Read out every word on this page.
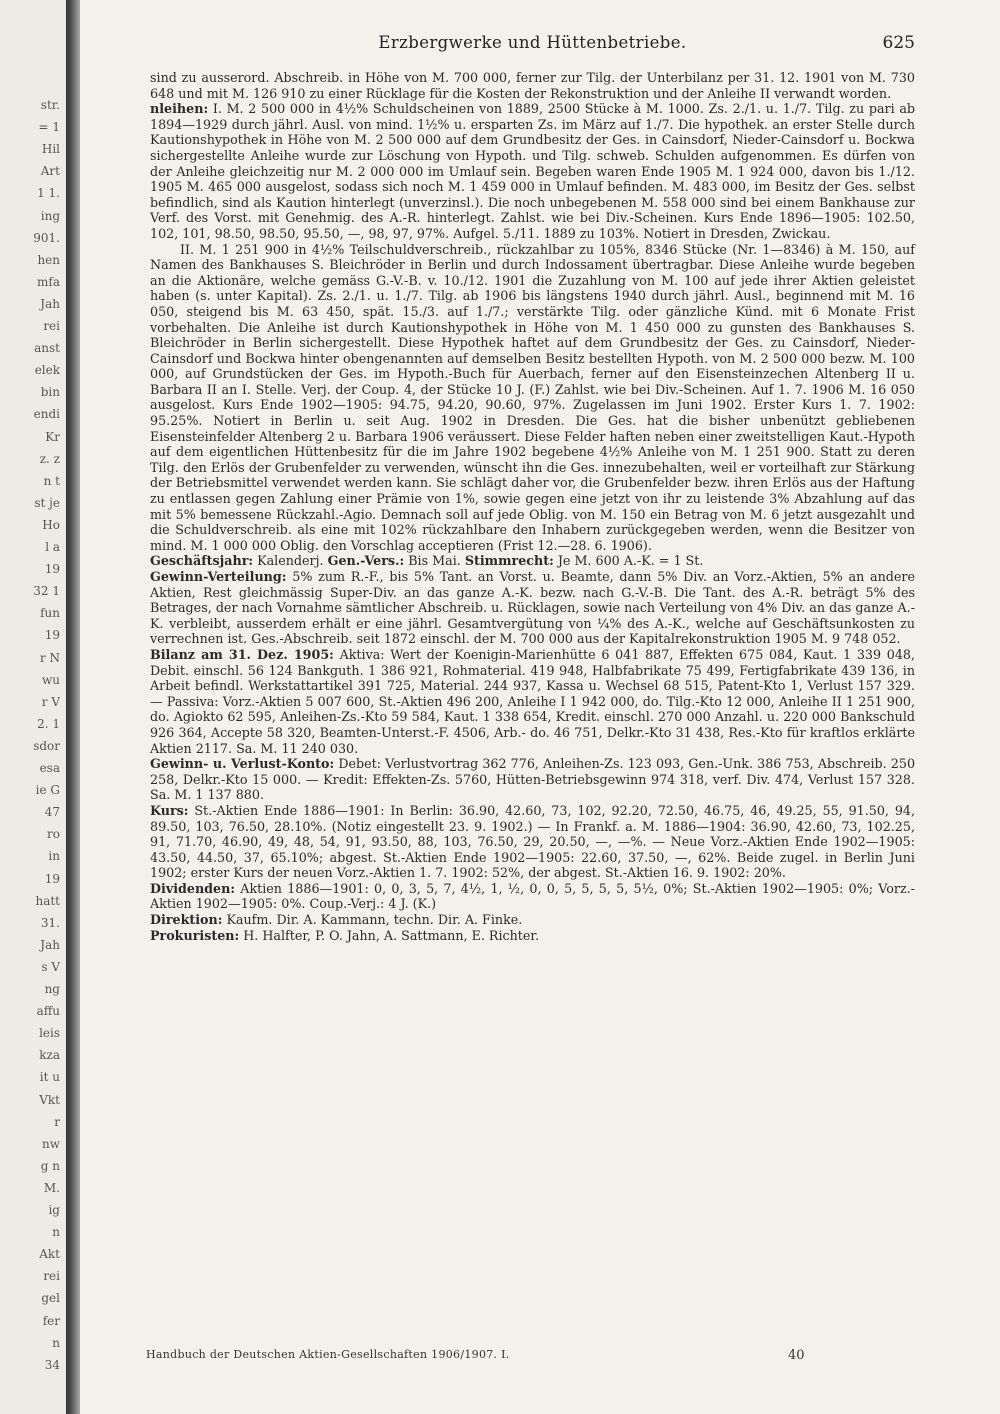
str.
= 1
Hil
Art
1 1.
ing
901.
hen
mfa
Jah
rei
anst
elek
bin
endi
Kr
z. z
n t
st je
Ho
l a
19
32 1
fun
19
r N
wu
r V
2. 1
sdor
esa
ie G
47
ro
in
19
hatt
31.
Jah
s V
ng
affu
leis
kza
it u
Vkt
r
nw
g n
M.
ig
n
Akt
rei
gel
fer
n
34
Erzbergwerke und Hüttenbetriebe.	625

sind zu ausserord. Abschreib. in Höhe von M. 700 000, ferner zur Tilg. der Unterbilanz per 31. 12. 1901 von M. 730 648 und mit M. 126 910 zu einer Rücklage für die Kosten der Rekonstruktion und der Anleihe II verwandt worden.

nleihen: I. M. 2 500 000 in 4½% Schuldscheinen von 1889, 2500 Stücke à M. 1000. Zs. 2./1. u. 1./7. Tilg. zu pari ab 1894—1929 durch jährl. Ausl. von mind. 1½% u. ersparten Zs. im März auf 1./7. Die hypothek. an erster Stelle durch Kautionshypothek in Höhe von M. 2 500 000 auf dem Grundbesitz der Ges. in Cainsdorf, Nieder-Cainsdorf u. Bockwa sichergestellte Anleihe wurde zur Löschung von Hypoth. und Tilg. schweb. Schulden aufgenommen. Es dürfen von der Anleihe gleichzeitig nur M. 2 000 000 im Umlauf sein. Begeben waren Ende 1905 M. 1 924 000, davon bis 1./12. 1905 M. 465 000 ausgelost, sodass sich noch M. 1 459 000 in Umlauf befinden. M. 483 000, im Besitz der Ges. selbst befindlich, sind als Kaution hinterlegt (unverzinsl.). Die noch unbegebenen M. 558 000 sind bei einem Bankhause zur Verf. des Vorst. mit Genehmig. des A.-R. hinterlegt. Zahlst. wie bei Div.-Scheinen. Kurs Ende 1896—1905: 102.50, 102, 101, 98.50, 98.50, 95.50, —, 98, 97, 97%. Aufgel. 5./11. 1889 zu 103%. Notiert in Dresden, Zwickau.

II. M. 1 251 900 in 4½% Teilschuldverschreib., rückzahlbar zu 105%, 8346 Stücke (Nr. 1—8346) à M. 150, auf Namen des Bankhauses S. Bleichröder in Berlin und durch Indossament übertragbar. Diese Anleihe wurde begeben an die Aktionäre, welche gemäss G.-V.-B. v. 10./12. 1901 die Zuzahlung von M. 100 auf jede ihrer Aktien geleistet haben (s. unter Kapital). Zs. 2./1. u. 1./7. Tilg. ab 1906 bis längstens 1940 durch jährl. Ausl., beginnend mit M. 16 050, steigend bis M. 63 450, spät. 15./3. auf 1./7.; verstärkte Tilg. oder gänzliche Künd. mit 6 Monate Frist vorbehalten. Die Anleihe ist durch Kautionshypothek in Höhe von M. 1 450 000 zu gunsten des Bankhauses S. Bleichröder in Berlin sichergestellt. Diese Hypothek haftet auf dem Grundbesitz der Ges. zu Cainsdorf, Nieder-Cainsdorf und Bockwa hinter obengenannten auf demselben Besitz bestellten Hypoth. von M. 2 500 000 bezw. M. 100 000, auf Grundstücken der Ges. im Hypoth.-Buch für Auerbach, ferner auf den Eisensteinzechen Altenberg II u. Barbara II an I. Stelle. Verj. der Coup. 4, der Stücke 10 J. (F.) Zahlst. wie bei Div.-Scheinen. Auf 1. 7. 1906 M. 16 050 ausgelost. Kurs Ende 1902—1905: 94.75, 94.20, 90.60, 97%. Zugelassen im Juni 1902. Erster Kurs 1. 7. 1902: 95.25%. Notiert in Berlin u. seit Aug. 1902 in Dresden. Die Ges. hat die bisher unbenützt gebliebenen Eisensteinfelder Altenberg 2 u. Barbara 1906 veräussert. Diese Felder haften neben einer zweitstelligen Kaut.-Hypoth auf dem eigentlichen Hüttenbesitz für die im Jahre 1902 begebene 4½% Anleihe von M. 1 251 900. Statt zu deren Tilg. den Erlös der Grubenfelder zu verwenden, wünscht ihn die Ges. innezubehalten, weil er vorteilhaft zur Stärkung der Betriebsmittel verwendet werden kann. Sie schlägt daher vor, die Grubenfelder bezw. ihren Erlös aus der Haftung zu entlassen gegen Zahlung einer Prämie von 1%, sowie gegen eine jetzt von ihr zu leistende 3% Abzahlung auf das mit 5% bemessene Rückzahl.-Agio. Demnach soll auf jede Oblig. von M. 150 ein Betrag von M. 6 jetzt ausgezahlt und die Schuldverschreib. als eine mit 102% rückzahlbare den Inhabern zurückgegeben werden, wenn die Besitzer von mind. M. 1 000 000 Oblig. den Vorschlag acceptieren (Frist 12.—28. 6. 1906).

Geschäftsjahr: Kalenderj. Gen.-Vers.: Bis Mai. Stimmrecht: Je M. 600 A.-K. = 1 St.

Gewinn-Verteilung: 5% zum R.-F., bis 5% Tant. an Vorst. u. Beamte, dann 5% Div. an Vorz.-Aktien, 5% an andere Aktien, Rest gleichmässig Super-Div. an das ganze A.-K. bezw. nach G.-V.-B. Die Tant. des A.-R. beträgt 5% des Betrages, der nach Vornahme sämtlicher Abschreib. u. Rücklagen, sowie nach Verteilung von 4% Div. an das ganze A.-K. verbleibt, ausserdem erhält er eine jährl. Gesamtvergütung von ¼% des A.-K., welche auf Geschäftsunkosten zu verrechnen ist. Ges.-Abschreib. seit 1872 einschl. der M. 700 000 aus der Kapitalrekonstruktion 1905 M. 9 748 052.

Bilanz am 31. Dez. 1905: Aktiva: Wert der Koenigin-Marienhütte 6 041 887, Effekten 675 084, Kaut. 1 339 048, Debit. einschl. 56 124 Bankguth. 1 386 921, Rohmaterial. 419 948, Halbfabrikate 75 499, Fertigfabrikate 439 136, in Arbeit befindl. Werkstattartikel 391 725, Material. 244 937, Kassa u. Wechsel 68 515, Patent-Kto 1, Verlust 157 329. — Passiva: Vorz.-Aktien 5 007 600, St.-Aktien 496 200, Anleihe I 1 942 000, do. Tilg.-Kto 12 000, Anleihe II 1 251 900, do. Agiokto 62 595, Anleihen-Zs.-Kto 59 584, Kaut. 1 338 654, Kredit. einschl. 270 000 Anzahl. u. 220 000 Bankschuld 926 364, Accepte 58 320, Beamten-Unterst.-F. 4506, Arb.- do. 46 751, Delkr.-Kto 31 438, Res.-Kto für kraftlos erklärte Aktien 2117. Sa. M. 11 240 030.

Gewinn- u. Verlust-Konto: Debet: Verlustvortrag 362 776, Anleihen-Zs. 123 093, Gen.-Unk. 386 753, Abschreib. 250 258, Delkr.-Kto 15 000. — Kredit: Effekten-Zs. 5760, Hütten-Betriebsgewinn 974 318, verf. Div. 474, Verlust 157 328. Sa. M. 1 137 880.

Kurs: St.-Aktien Ende 1886—1901: In Berlin: 36.90, 42.60, 73, 102, 92.20, 72.50, 46.75, 46, 49.25, 55, 91.50, 94, 89.50, 103, 76.50, 28.10%. (Notiz eingestellt 23. 9. 1902.) — In Frankf. a. M. 1886—1904: 36.90, 42.60, 73, 102.25, 91, 71.70, 46.90, 49, 48, 54, 91, 93.50, 88, 103, 76.50, 29, 20.50, —, —%. — Neue Vorz.-Aktien Ende 1902—1905: 43.50, 44.50, 37, 65.10%; abgest. St.-Aktien Ende 1902—1905: 22.60, 37.50, —, 62%. Beide zugel. in Berlin Juni 1902; erster Kurs der neuen Vorz.-Aktien 1. 7. 1902: 52%, der abgest. St.-Aktien 16. 9. 1902: 20%.

Dividenden: Aktien 1886—1901: 0, 0, 3, 5, 7, 4½, 1, ½, 0, 0, 5, 5, 5, 5, 5½, 0%; St.-Aktien 1902—1905: 0%; Vorz.-Aktien 1902—1905: 0%. Coup.-Verj.: 4 J. (K.)

Direktion: Kaufm. Dir. A. Kammann, techn. Dir. A. Finke.

Prokuristen: H. Halfter, P. O. Jahn, A. Sattmann, E. Richter.

Handbuch der Deutschen Aktien-Gesellschaften 1906/1907. I.	40
